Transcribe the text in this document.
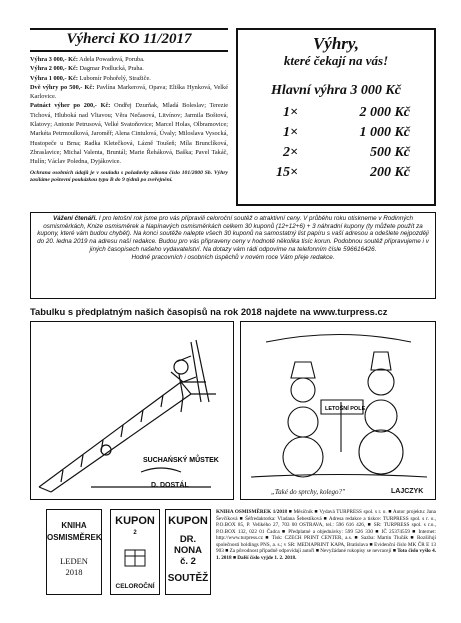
Výherci KO 11/2017
Výhra 3 000,- Kč: Adela Powadová, Poruba.
Výhra 2 000,- Kč: Dagmar Podlucká, Praha.
Výhra 1 000,- Kč: Lubomír Pohořelý, Stražiče.
Dvě výhry po 500,- Kč: Pavlína Markerová, Opava; Eliška Hynková, Velké Karlovice.
Patnáct výher po 200,- Kč: Ondřej Dzurňak, Mladá Boleslav; Terezie Tichová, Hluboká nad Vltavou; Věra Nečasová, Litvínov; Jarmila Boštová, Klatovy; Antonie Petrusová, Velké Svatoňovice; Marcel Holas, Olbramovice; Markéta Petrmoulková, Jaroměř; Alena Cintulová, Úvaly; Miloslava Vysocká, Hustopeče u Brna; Radka Kletečková, Lázně Toušeň; Míla Brunclíková, Zbraslavice; Michal Valenta, Bruntál; Marie Řeháková, Baška; Pavel Takáč, Hulín; Václav Poledna, Dyjákovice.
Ochrana osobních údajů je v souladu s požadavky zákona číslo 101/2000 Sb. Výhry zasíláme poštovní poukázkou typu B do 9 týdnů po zveřejnění.
Výhry,
které čekají na vás!
Hlavní výhra 3 000 Kč
1×	2 000 Kč
1×	1 000 Kč
2×	500 Kč
15×	200 Kč
Vážení čtenáři. I pro letošní rok jsme pro vás připravili celoroční soutěž o atraktivní ceny. V průběhu roku otiskneme v Rodinných osmisměrkách, Knize osmisměrek a Napínavých osmisměrkách celkem 30 kuponů (12+12+6) + 3 náhradní kupony (ty můžete použít za kupony, které vám budou chybět). Na konci soutěže nalepte všech 30 kuponů na samostatný list papíru s vaší adresou a odešlete nejpozději do 20. ledna 2019 na adresu naší redakce. Budou pro vás připraveny ceny v hodnotě několika tisíc korun. Podobnou soutěž připravujeme i v jiných časopisech našeho vydavatelství. Na dotazy vám rádi odpovíme na telefonním čísle 596616426.
Hodně pracovních i osobních úspěchů v novém roce Vám přeje redakce.
Tabulku s předplatným našich časopisů na rok 2018 najdete na www.turpress.cz
SUCHAŃSKÝ MŮSTEK
D. DOSTÁL
LETOŠNÍ POLE
„Také do sprchy, kolego?"	LAJCZYK
KNIHA
OSMISMĚREK
LEDEN
2018
KUPON
2
CELOROČNÍ
KUPON
DR. NONA
č. 2
SOUTĚŽ
KNIHA OSMISMĚREK 1/2018 ■ Měsíčník ■ Vydavá TURPRESS spol. s r. o. ■ Autor projektu: Jana Ševčíková ■ Šéfredaktorka: Vladana Šebestíková ■ Adresa redakce a tiskce: TURPRESS spol. s r. o., P.O.BOX 85, P. Velikého 27, 703 00 OSTRAVA, tel.: 596 616 426, ■ SR: TURPRESS spol. s r.o., P.O.BOX 132, 022 01 Čadca ■ Předplatné a objednávky: 599 526 330 ■ IČ 25374559 ■ Internet: http://www.turpress.cz ■ Tisk: CZECH PRINT CENTER, a.s. ■ Sazba: Martin Tlučák ■ Rozšiřují společnosti holdings PNS, a. s.; v SR: MEDIAPRINT KAPA, Bratislava ■ Evidenční číslo MK ČR E 13 903 ■ Za původnost případně odpovídají autoři ■ Nevyžádané rukopisy se nevracejí ■ Toto číslo vyšlo 4. 1. 2018 ■ Další číslo vyjde 1. 2. 2018.
